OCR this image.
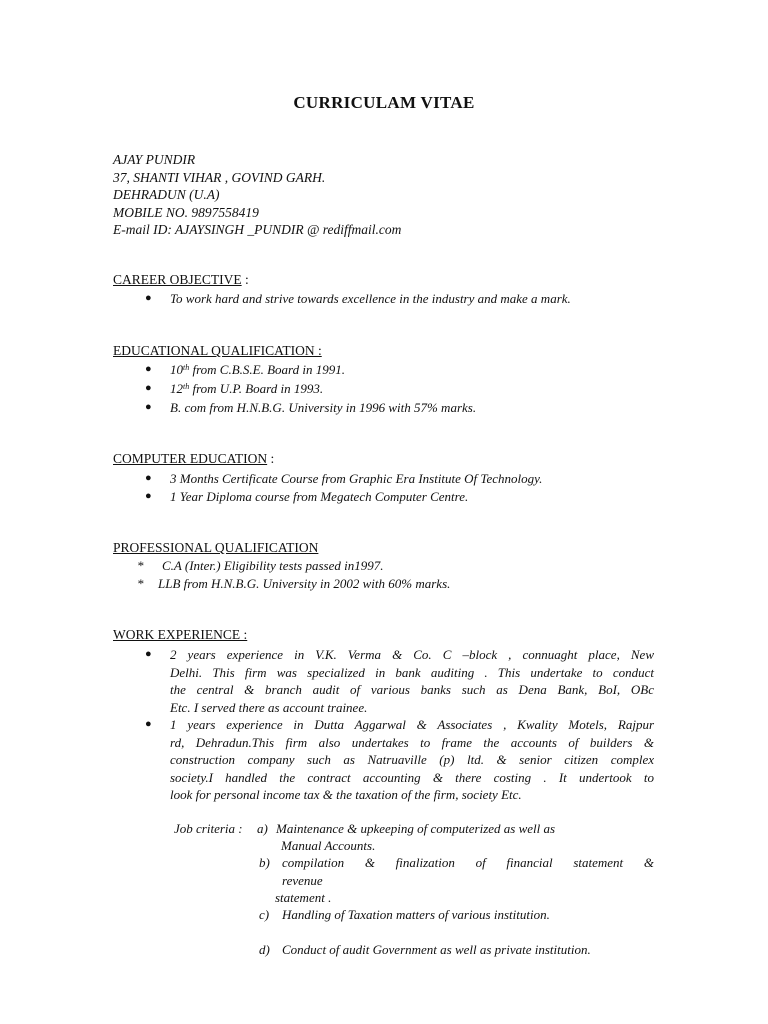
CURRICULAM VITAE
AJAY PUNDIR
37, SHANTI VIHAR , GOVIND GARH.
DEHRADUN (U.A)
MOBILE NO. 9897558419
E-mail ID: AJAYSINGH _PUNDIR @ rediffmail.com
CAREER OBJECTIVE :
● To work hard and strive towards excellence in the industry and make a mark.
EDUCATIONAL QUALIFICATION :
● 10th from C.B.S.E. Board in 1991.
● 12th from U.P. Board in 1993.
● B. com from H.N.B.G. University in 1996 with 57% marks.
COMPUTER EDUCATION :
● 3 Months Certificate Course from Graphic Era Institute Of Technology.
● 1 Year Diploma course from Megatech Computer Centre.
PROFESSIONAL QUALIFICATION
* C.A (Inter.) Eligibility tests passed in1997.
* LLB from H.N.B.G. University in 2002 with 60% marks.
WORK EXPERIENCE :
● 2 years experience in V.K. Verma & Co. C –block , connuaght place, New
Delhi. This firm was specialized in bank auditing . This undertake to conduct
the central & branch audit of various banks such as Dena Bank, BoI, OBc
Etc. I served there as account trainee.
● 1 years experience in Dutta Aggarwal & Associates , Kwality Motels, Rajpur
rd, Dehradun.This firm also undertakes to frame the accounts of builders &
construction company such as Natruaville (p) ltd. & senior citizen complex
society.I handled the contract accounting & there costing . It undertook to
look for personal income tax & the taxation of the firm, society Etc.
Job criteria : a) Maintenance & upkeeping of computerized as well as
Manual Accounts.
b) compilation & finalization of financial statement &
revenue
statement .
c) Handling of Taxation matters of various institution.
d) Conduct of audit Government as well as private institution.
